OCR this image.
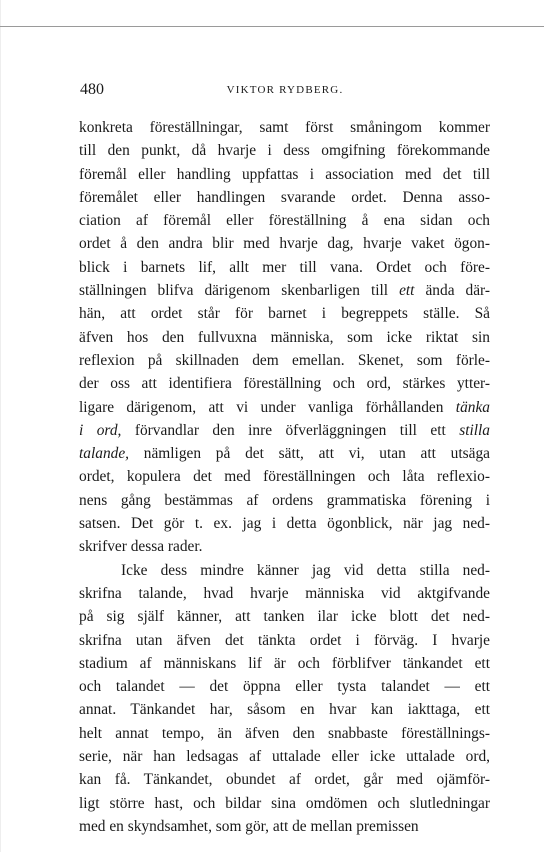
480	VIKTOR RYDBERG.
konkreta föreställningar, samt först småningom kommer
till den punkt, då hvarje i dess omgifning förekommande
föremål eller handling uppfattas i association med det till
föremålet eller handlingen svarande ordet. Denna asso-
ciation af föremål eller föreställning å ena sidan och
ordet å den andra blir med hvarje dag, hvarje vaket ögon-
blick i barnets lif, allt mer till vana. Ordet och före-
ställningen blifva därigenom skenbarligen till ett ända där-
hän, att ordet står för barnet i begreppets ställe. Så
äfven hos den fullvuxna människa, som icke riktat sin
reflexion på skillnaden dem emellan. Skenet, som förle-
der oss att identifiera föreställning och ord, stärkes ytter-
ligare därigenom, att vi under vanliga förhållanden tänka
i ord, förvandlar den inre öfverläggningen till ett stilla
talande, nämligen på det sätt, att vi, utan att utsäga
ordet, kopulera det med föreställningen och låta reflexio-
nens gång bestämmas af ordens grammatiska förening i
satsen. Det gör t. ex. jag i detta ögonblick, när jag ned-
skrifver dessa rader.
Icke dess mindre känner jag vid detta stilla ned-
skrifna talande, hvad hvarje människa vid aktgifvande
på sig själf känner, att tanken ilar icke blott det ned-
skrifna utan äfven det tänkta ordet i förväg. I hvarje
stadium af människans lif är och förblifver tänkandet ett
och talandet — det öppna eller tysta talandet — ett
annat. Tänkandet har, såsom en hvar kan iakttaga, ett
helt annat tempo, än äfven den snabbaste föreställnings-
serie, när han ledsagas af uttalade eller icke uttalade ord,
kan få. Tänkandet, obundet af ordet, går med ojämför-
ligt större hast, och bildar sina omdömen och slutledningar
med en skyndsamhet, som gör, att de mellan premissen
